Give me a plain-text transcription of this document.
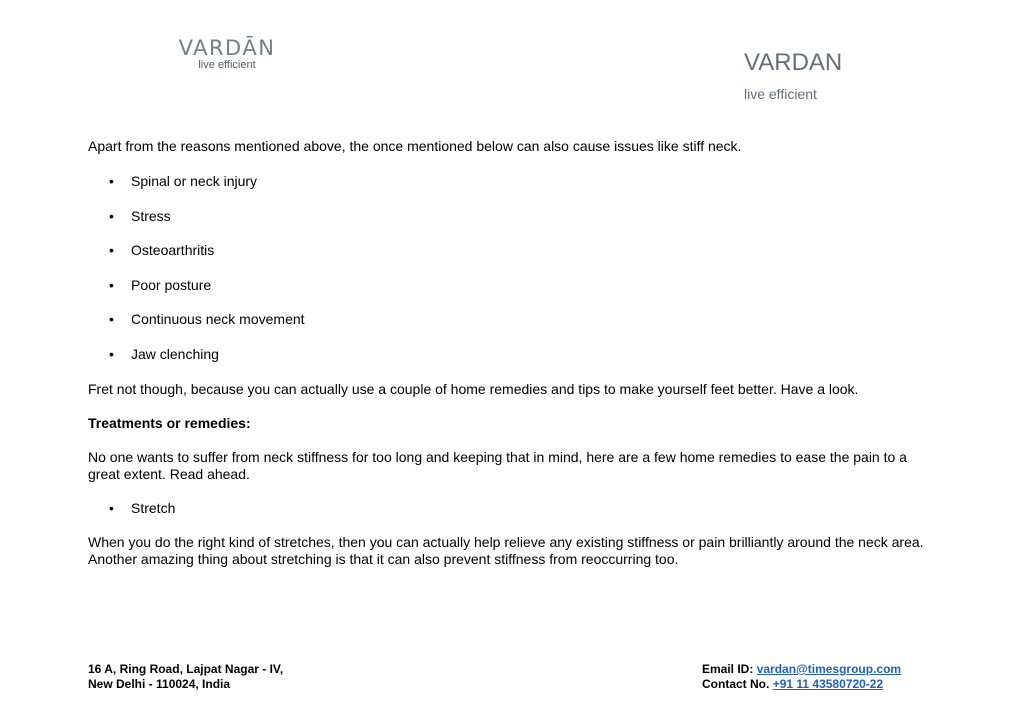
VARDĀN
live efficient	VARDAN
live efficient

Apart from the reasons mentioned above, the once mentioned below can also cause issues like stiff neck.

• Spinal or neck injury
• Stress
• Osteoarthritis
• Poor posture
• Continuous neck movement
• Jaw clenching

Fret not though, because you can actually use a couple of home remedies and tips to make yourself feet better. Have a look.

Treatments or remedies:

No one wants to suffer from neck stiffness for too long and keeping that in mind, here are a few home remedies to ease the pain to a great extent. Read ahead.

• Stretch

When you do the right kind of stretches, then you can actually help relieve any existing stiffness or pain brilliantly around the neck area. Another amazing thing about stretching is that it can also prevent stiffness from reoccurring too.

16 A, Ring Road, Lajpat Nagar - IV,
New Delhi - 110024, India
Email ID: vardan@timesgroup.com
Contact No. +91 11 43580720-22
